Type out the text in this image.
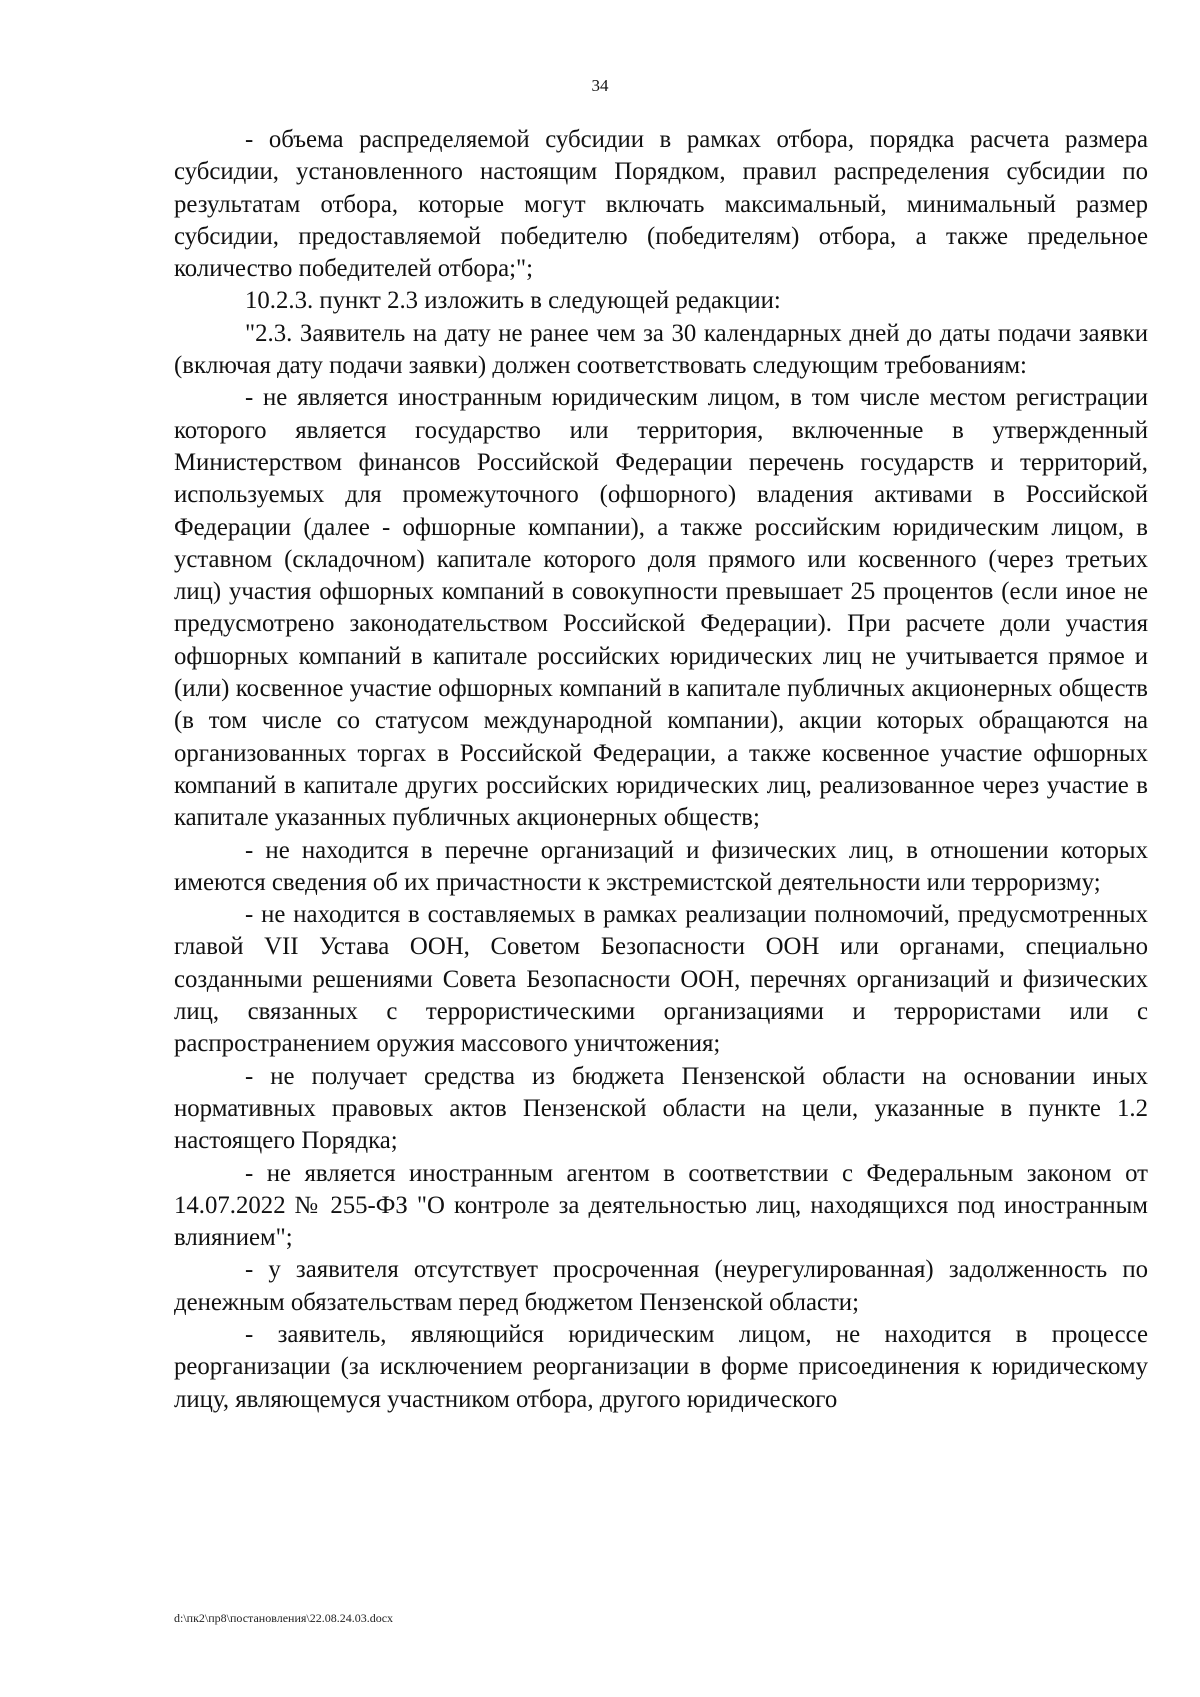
34

- объема распределяемой субсидии в рамках отбора, порядка расчета размера субсидии, установленного настоящим Порядком, правил распределения субсидии по результатам отбора, которые могут включать максимальный, минимальный размер субсидии, предоставляемой победителю (победителям) отбора, а также предельное количество победителей отбора;";

10.2.3. пункт 2.3 изложить в следующей редакции:

"2.3. Заявитель на дату не ранее чем за 30 календарных дней до даты подачи заявки (включая дату подачи заявки) должен соответствовать следующим требованиям:

- не является иностранным юридическим лицом, в том числе местом регистрации которого является государство или территория, включенные в утвержденный Министерством финансов Российской Федерации перечень государств и территорий, используемых для промежуточного (офшорного) владения активами в Российской Федерации (далее - офшорные компании), а также российским юридическим лицом, в уставном (складочном) капитале которого доля прямого или косвенного (через третьих лиц) участия офшорных компаний в совокупности превышает 25 процентов (если иное не предусмотрено законодательством Российской Федерации). При расчете доли участия офшорных компаний в капитале российских юридических лиц не учитывается прямое и (или) косвенное участие офшорных компаний в капитале публичных акционерных обществ (в том числе со статусом международной компании), акции которых обращаются на организованных торгах в Российской Федерации, а также косвенное участие офшорных компаний в капитале других российских юридических лиц, реализованное через участие в капитале указанных публичных акционерных обществ;

- не находится в перечне организаций и физических лиц, в отношении которых имеются сведения об их причастности к экстремистской деятельности или терроризму;

- не находится в составляемых в рамках реализации полномочий, предусмотренных главой VII Устава ООН, Советом Безопасности ООН или органами, специально созданными решениями Совета Безопасности ООН, перечнях организаций и физических лиц, связанных с террористическими организациями и террористами или с распространением оружия массового уничтожения;

- не получает средства из бюджета Пензенской области на основании иных нормативных правовых актов Пензенской области на цели, указанные в пункте 1.2 настоящего Порядка;

- не является иностранным агентом в соответствии с Федеральным законом от 14.07.2022 № 255-ФЗ "О контроле за деятельностью лиц, находящихся под иностранным влиянием";

- у заявителя отсутствует просроченная (неурегулированная) задолженность по денежным обязательствам перед бюджетом Пензенской области;

- заявитель, являющийся юридическим лицом, не находится в процессе реорганизации (за исключением реорганизации в форме присоединения к юридическому лицу, являющемуся участником отбора, другого юридического

d:\пк2\пр8\постановления\22.08.24.03.docx
